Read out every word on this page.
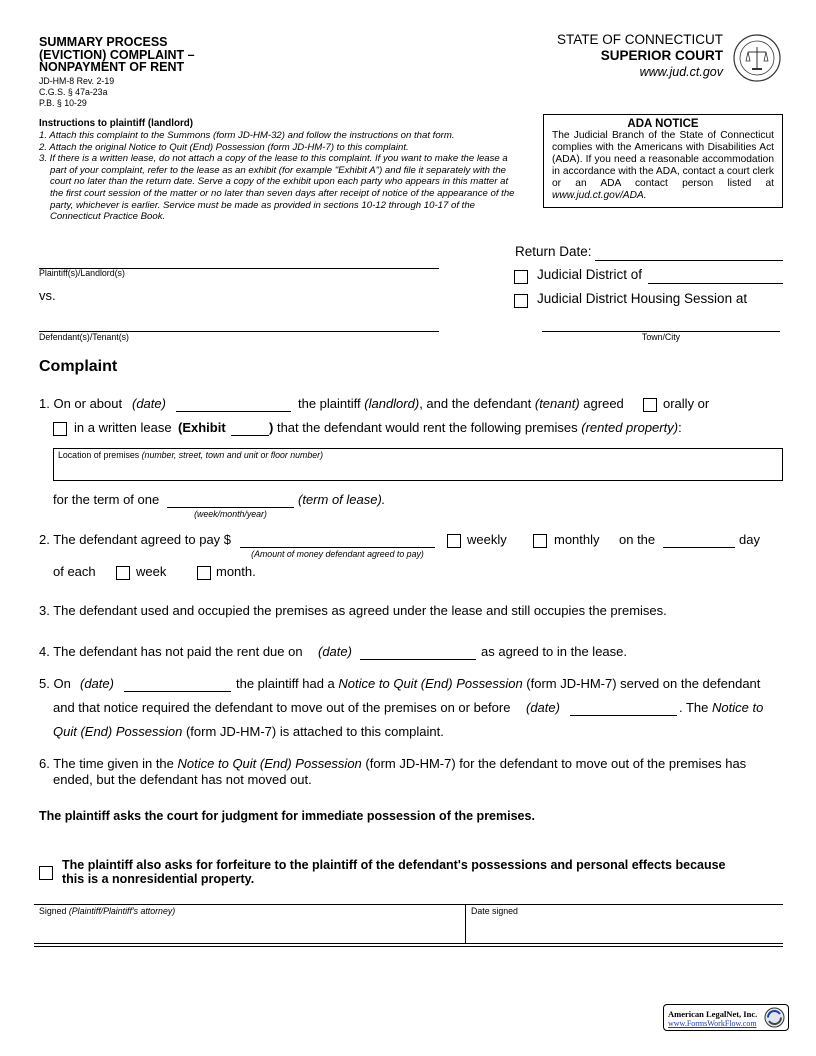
SUMMARY PROCESS
(EVICTION) COMPLAINT –
NONPAYMENT OF RENT
JD-HM-8 Rev. 2-19
C.G.S. § 47a-23a
P.B. § 10-29
STATE OF CONNECTICUT
SUPERIOR COURT
www.jud.ct.gov
Instructions to plaintiff (landlord)
1. Attach this complaint to the Summons (form JD-HM-32) and follow the instructions on that form.
2. Attach the original Notice to Quit (End) Possession (form JD-HM-7) to this complaint.
3. If there is a written lease, do not attach a copy of the lease to this complaint. If you want to make the lease a part of your complaint, refer to the lease as an exhibit (for example "Exhibit A") and file it separately with the court no later than the return date. Serve a copy of the exhibit upon each party who appears in this matter at the first court session of the matter or no later than seven days after receipt of notice of the appearance of the party, whichever is earlier. Service must be made as provided in sections 10-12 through 10-17 of the Connecticut Practice Book.
ADA NOTICE
The Judicial Branch of the State of Connecticut complies with the Americans with Disabilities Act (ADA). If you need a reasonable accommodation in accordance with the ADA, contact a court clerk or an ADA contact person listed at www.jud.ct.gov/ADA.
Return Date:
Plaintiff(s)/Landlord(s)	Judicial District of
vs.	Judicial District Housing Session at
Defendant(s)/Tenant(s)	Town/City
Complaint
1. On or about (date)	the plaintiff (landlord), and the defendant (tenant) agreed	orally or
in a written lease (Exhibit	) that the defendant would rent the following premises (rented property):
Location of premises (number, street, town and unit or floor number)
for the term of one	(term of lease).
(week/month/year)
2. The defendant agreed to pay $
(Amount of money defendant agreed to pay)
weekly	monthly on the	day
of each	week	month.
3. The defendant used and occupied the premises as agreed under the lease and still occupies the premises.
4. The defendant has not paid the rent due on (date)	as agreed to in the lease.
5. On (date)	the plaintiff had a Notice to Quit (End) Possession (form JD-HM-7) served on the defendant
and that notice required the defendant to move out of the premises on or before (date)	. The Notice to
Quit (End) Possession (form JD-HM-7) is attached to this complaint.
6. The time given in the Notice to Quit (End) Possession (form JD-HM-7) for the defendant to move out of the premises has
ended, but the defendant has not moved out.
The plaintiff asks the court for judgment for immediate possession of the premises.
The plaintiff also asks for forfeiture to the plaintiff of the defendant's possessions and personal effects because
this is a nonresidential property.
Signed (Plaintiff/Plaintiff's attorney)	Date signed
American LegalNet, Inc.
www.FormsWorkFlow.com
